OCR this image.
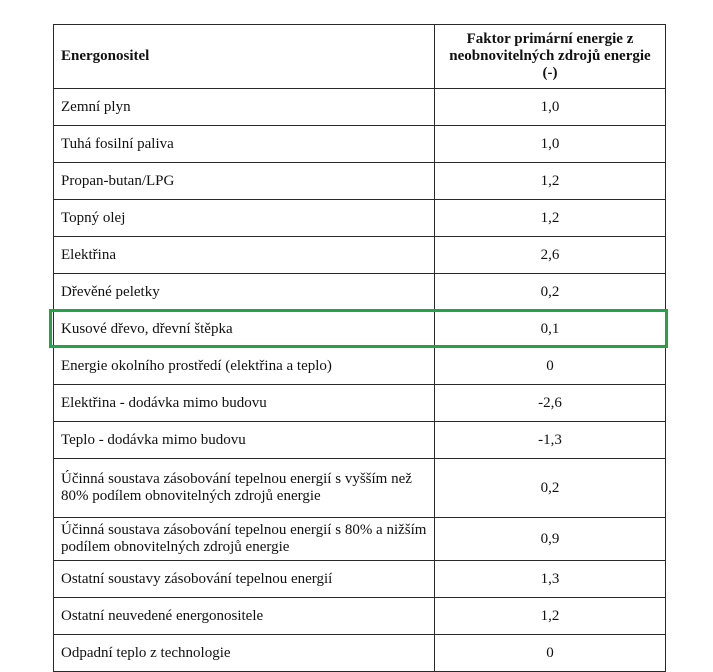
Energonositel	Faktor primární energie z neobnovitelných zdrojů energie (-)
Zemní plyn	1,0
Tuhá fosilní paliva	1,0
Propan-butan/LPG	1,2
Topný olej	1,2
Elektřina	2,6
Dřevěné peletky	0,2
Kusové dřevo, dřevní štěpka	0,1
Energie okolního prostředí (elektřina a teplo)	0
Elektřina - dodávka mimo budovu	-2,6
Teplo - dodávka mimo budovu	-1,3
Účinná soustava zásobování tepelnou energií s vyšším než 80% podílem obnovitelných zdrojů energie	0,2
Účinná soustava zásobování tepelnou energií s 80% a nižším podílem obnovitelných zdrojů energie	0,9
Ostatní soustavy zásobování tepelnou energií	1,3
Ostatní neuvedené energonositele	1,2
Odpadní teplo z technologie	0
